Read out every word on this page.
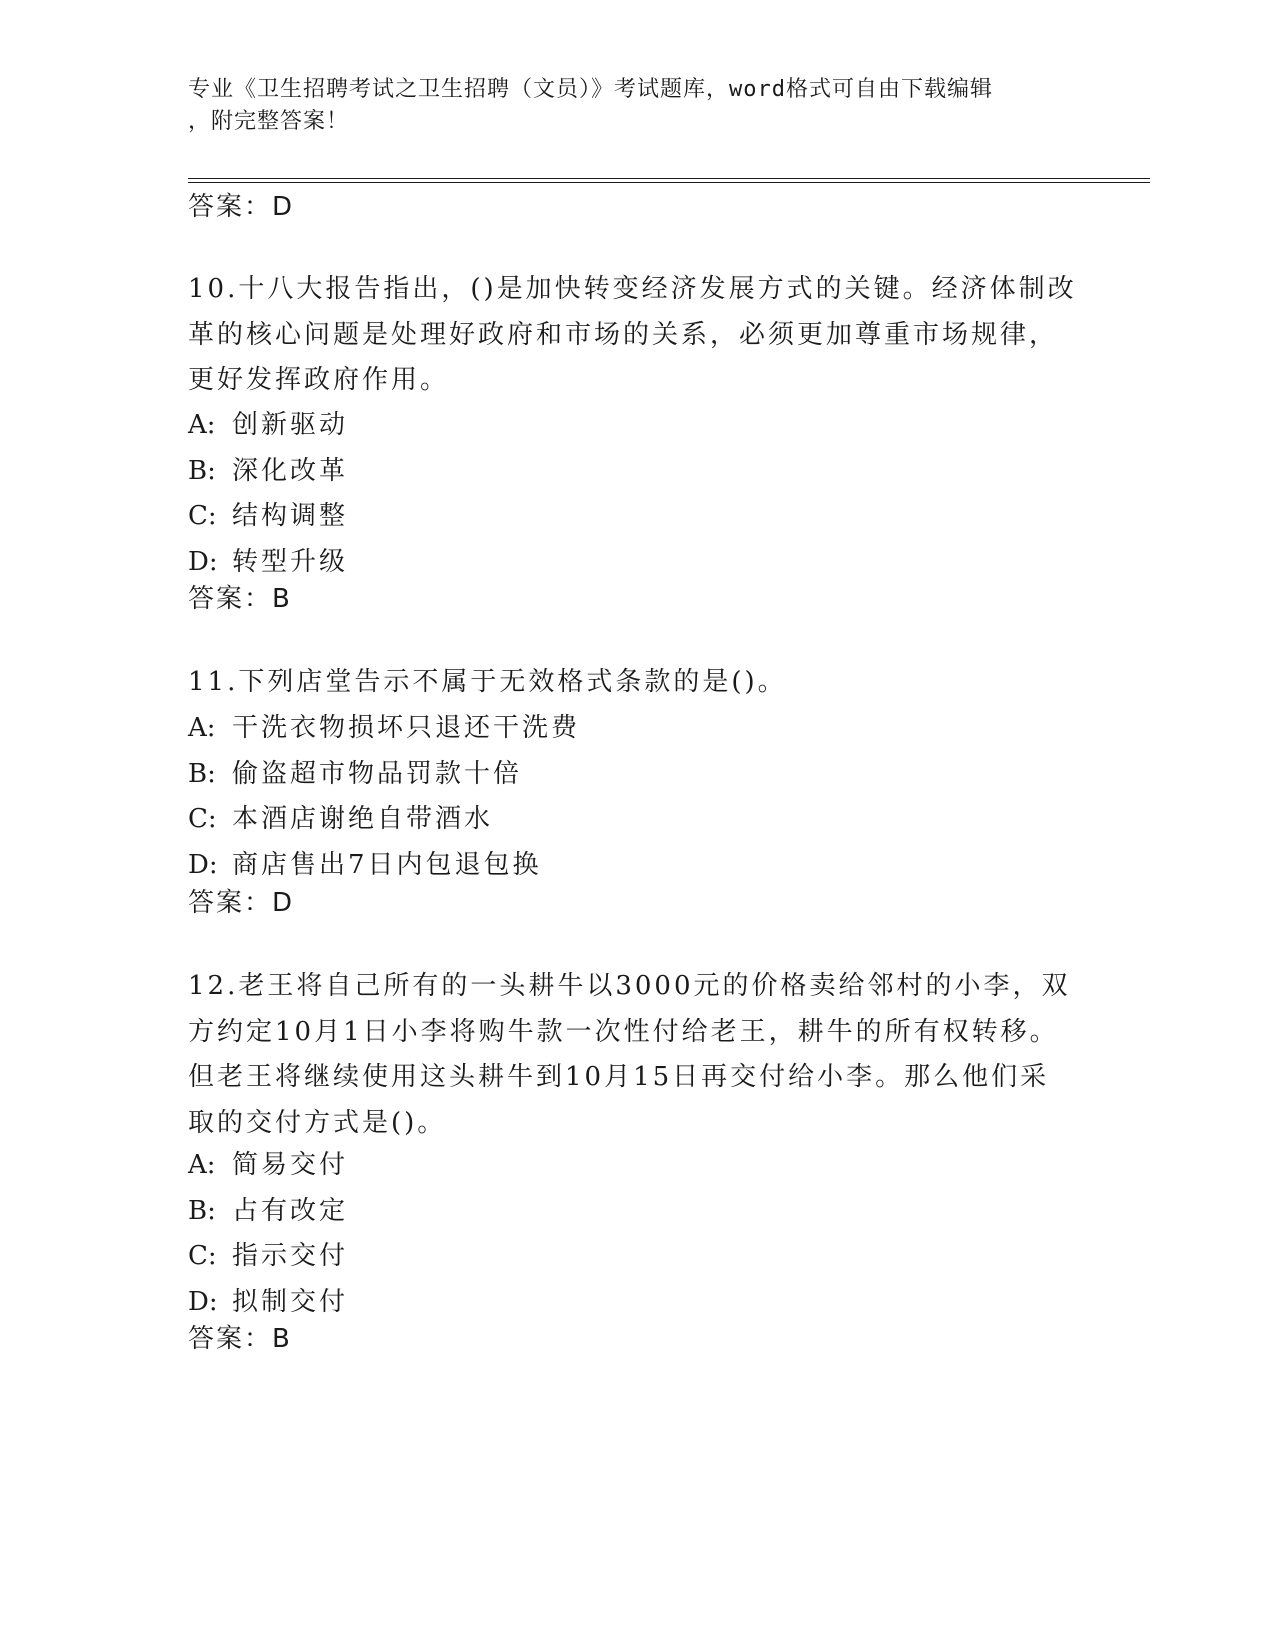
专业《卫生招聘考试之卫生招聘（文员）》考试题库，word格式可自由下载编辑
，附完整答案！
答案：D
10.十八大报告指出，()是加快转变经济发展方式的关键。经济体制改
革的核心问题是处理好政府和市场的关系，必须更加尊重市场规律，
更好发挥政府作用。
A: 创新驱动
B: 深化改革
C: 结构调整
D: 转型升级
答案：B
11.下列店堂告示不属于无效格式条款的是()。
A: 干洗衣物损坏只退还干洗费
B: 偷盗超市物品罚款十倍
C: 本酒店谢绝自带酒水
D: 商店售出7日内包退包换
答案：D
12.老王将自己所有的一头耕牛以3000元的价格卖给邻村的小李，双
方约定10月1日小李将购牛款一次性付给老王，耕牛的所有权转移。
但老王将继续使用这头耕牛到10月15日再交付给小李。那么他们采
取的交付方式是()。
A: 简易交付
B: 占有改定
C: 指示交付
D: 拟制交付
答案：B
